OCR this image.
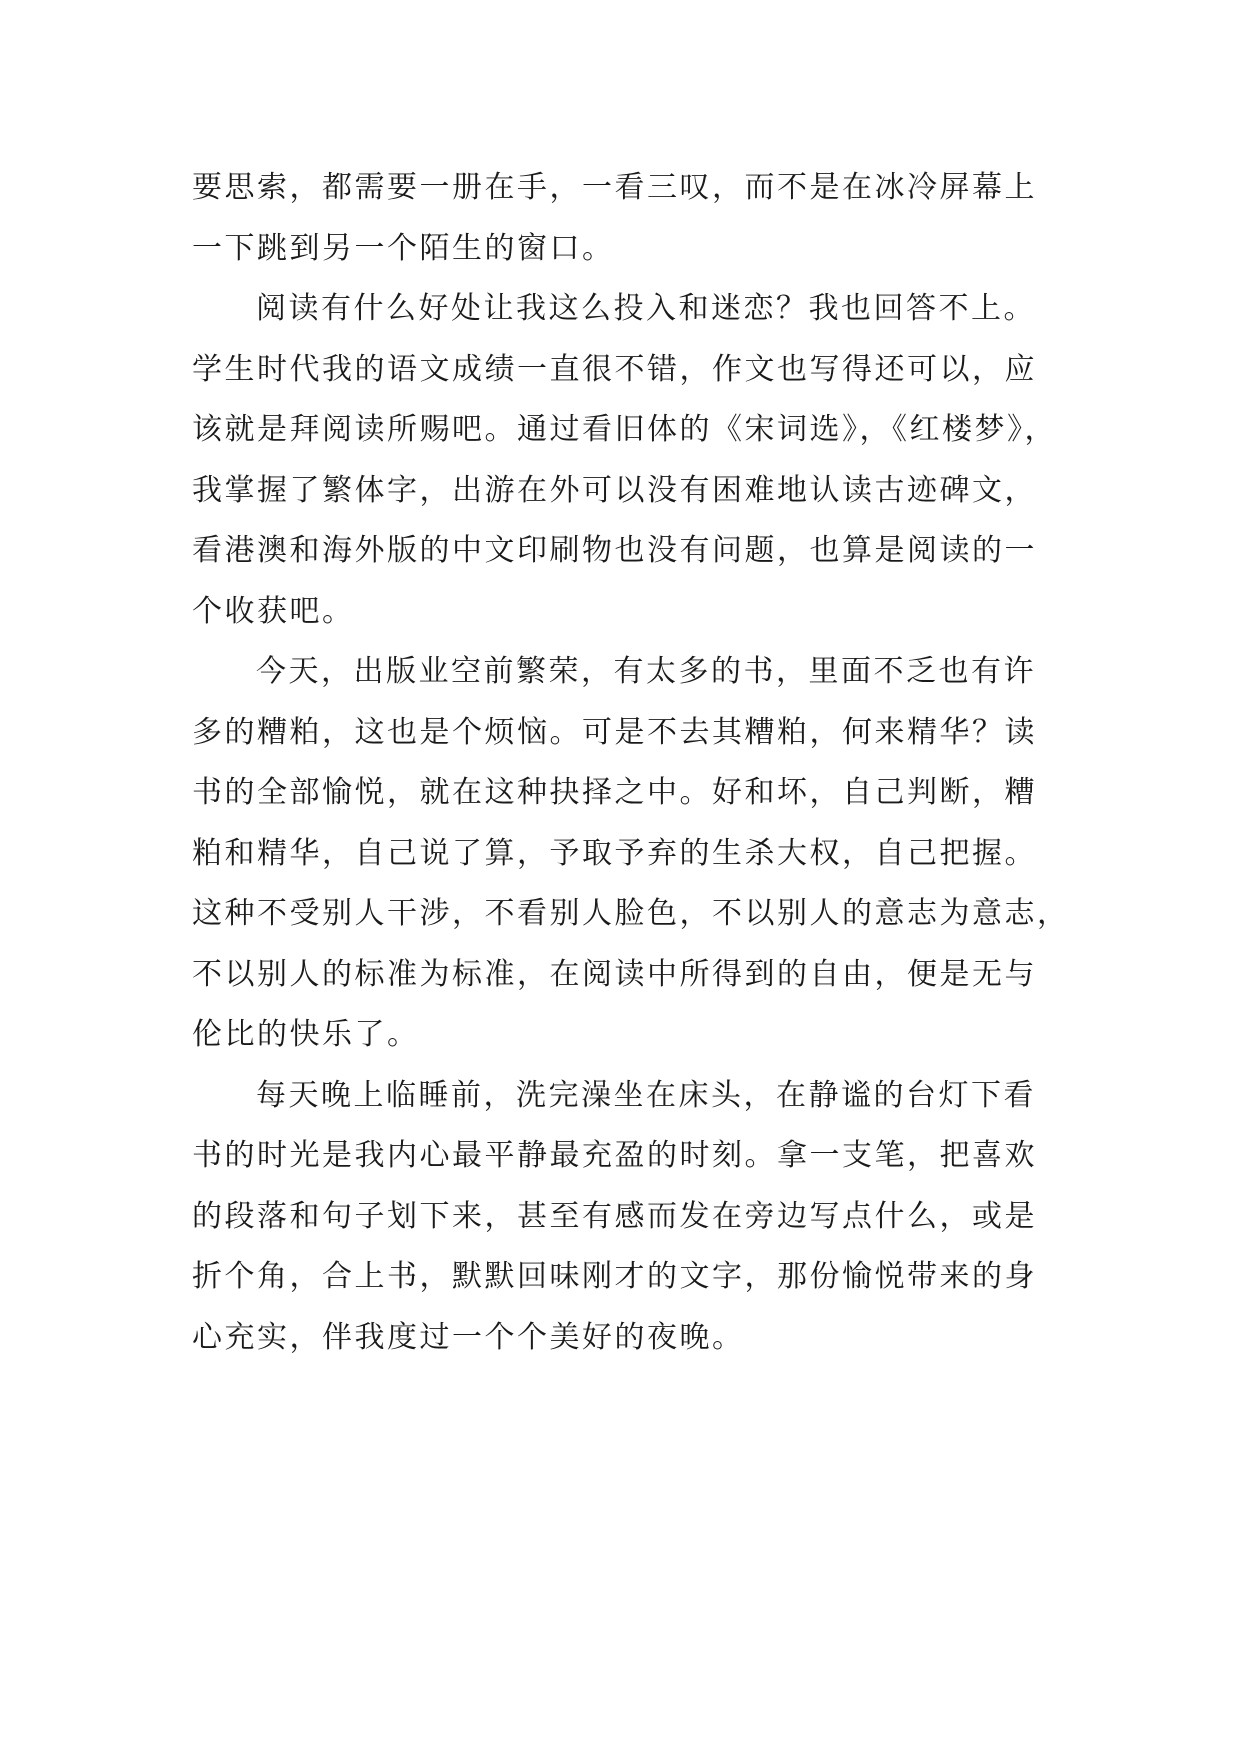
要思索，都需要一册在手，一看三叹，而不是在冰冷屏幕上
一下跳到另一个陌生的窗口。
阅读有什么好处让我这么投入和迷恋？我也回答不上。
学生时代我的语文成绩一直很不错，作文也写得还可以，应
该就是拜阅读所赐吧。通过看旧体的《宋词选》，《红楼梦》，
我掌握了繁体字，出游在外可以没有困难地认读古迹碑文，
看港澳和海外版的中文印刷物也没有问题，也算是阅读的一
个收获吧。
今天，出版业空前繁荣，有太多的书，里面不乏也有许
多的糟粕，这也是个烦恼。可是不去其糟粕，何来精华？读
书的全部愉悦，就在这种抉择之中。好和坏，自己判断，糟
粕和精华，自己说了算，予取予弃的生杀大权，自己把握。
这种不受别人干涉，不看别人脸色，不以别人的意志为意志，
不以别人的标准为标准，在阅读中所得到的自由，便是无与
伦比的快乐了。
每天晚上临睡前，洗完澡坐在床头，在静谧的台灯下看
书的时光是我内心最平静最充盈的时刻。拿一支笔，把喜欢
的段落和句子划下来，甚至有感而发在旁边写点什么，或是
折个角，合上书，默默回味刚才的文字，那份愉悦带来的身
心充实，伴我度过一个个美好的夜晚。
